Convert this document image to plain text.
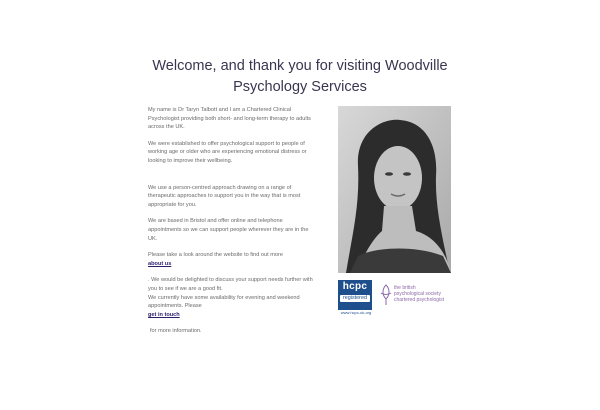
Welcome, and thank you for visiting Woodville
Psychology Services

My name is Dr Taryn Talbott and I am a Chartered Clinical Psychologist providing both short- and long-term therapy to adults across the UK.

We were established to offer psychological support to people of working age or older who are experiencing emotional distress or looking to improve their wellbeing.

We use a person-centred approach drawing on a range of therapeutic approaches to support you in the way that is most appropriate for you.

We are based in Bristol and offer online and telephone appointments so we can support people wherever they are in the UK.

Please take a look around the website to find out more

about us

. We would be delighted to discuss your support needs further with you to see if we are a good fit.

We currently have some availability for evening and weekend appointments. Please

get in touch

for more information.

hcpc
registered
www.hcpc-uk.org
the british
psychological society
chartered psychologist
